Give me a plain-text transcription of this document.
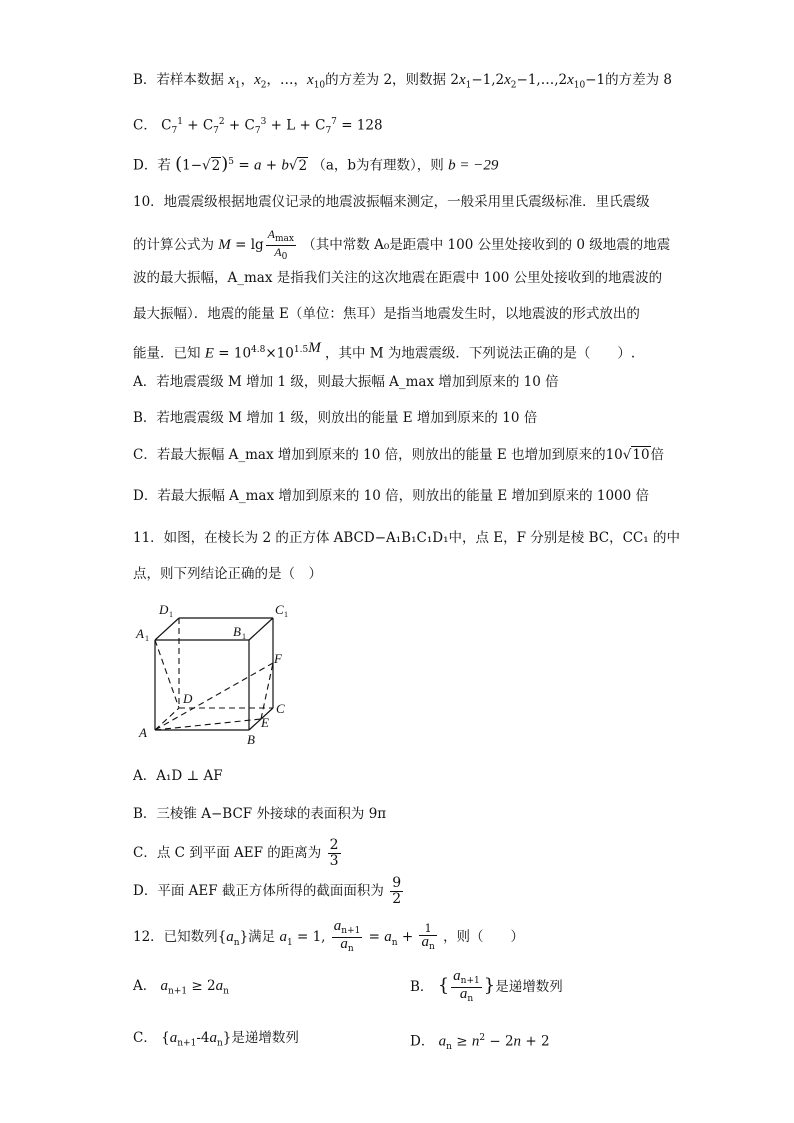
B．若样本数据 $x_1$，$x_2$，…，$x_{10}$的方差为 2，则数据 $2x_1-1,2x_2-1,\dots,2x_{10}-1$的方差为 8
C． $C_7^1 + C_7^2 + C_7^3 + L + C_7^7 = 128$
D．若 $(1-√2)^5 = a + b√2$ （a，b为有理数），则 b = −29
10．地震震级根据地震仪记录的地震波振幅来测定，一般采用里氏震级标准．里氏震级
的计算公式为 $M = \lg \frac{A_{max}}{A_0}$ （其中常数 A₀是距震中 100 公里处接收到的 0 级地震的地震
波的最大振幅，A_max 是指我们关注的这次地震在距震中 100 公里处接收到的地震波的
最大振幅）．地震的能量 E（单位：焦耳）是指当地震发生时，以地震波的形式放出的
能量．已知 $E = 10^{4.8}\times 10^{1.5M}$ ，其中 M 为地震震级．下列说法正确的是（　　）.
A．若地震震级 M 增加 1 级，则最大振幅 A_max 增加到原来的 10 倍
B．若地震震级 M 增加 1 级，则放出的能量 E 增加到原来的 10 倍
C．若最大振幅 A_max 增加到原来的 10 倍，则放出的能量 E 也增加到原来的10√10倍
D．若最大振幅 A_max 增加到原来的 10 倍，则放出的能量 E 增加到原来的 1000 倍
11．如图，在棱长为 2 的正方体 ABCD−A₁B₁C₁D₁中，点 E，F 分别是棱 BC，CC₁ 的中
点，则下列结论正确的是（　）
D 1	C 1
A 1	B 1
F
D
C
E
A	B
A．A₁D ⊥ AF
B．三棱锥 A−BCF 外接球的表面积为 9π
C．点 C 到平面 AEF 的距离为 $\frac{2}{3}$
D．平面 AEF 截正方体所得的截面面积为 $\frac{9}{2}$
12．已知数列$\{a_n\}$满足 $a_1 = 1$, $\frac{a_{n+1}}{a_n} = a_n + \frac{1}{a_n}$ ，则（　　）
A． $a_{n+1} \ge 2a_n$	B． { $\frac{a_{n+1}}{a_n}$ }是递增数列
C． $\{a_{n+1}-4a_n\}$是递增数列	D． $a_n \ge n^2 - 2n + 2$
